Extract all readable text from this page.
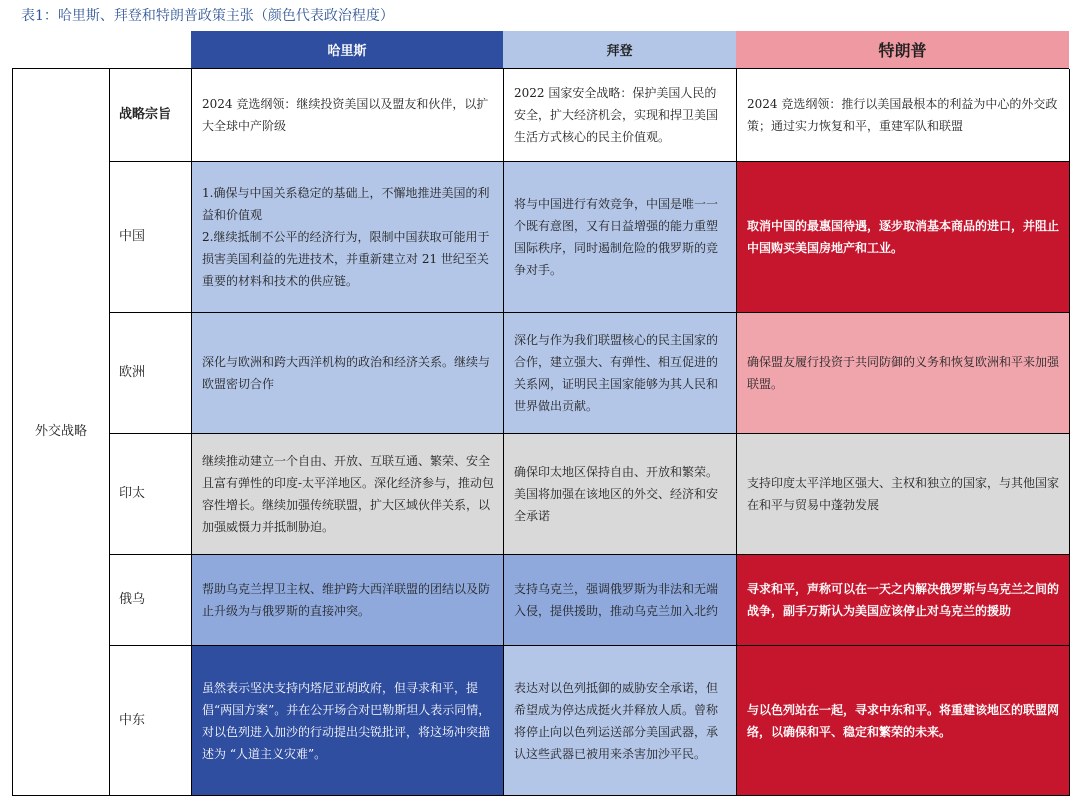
表1：哈里斯、拜登和特朗普政策主张（颜色代表政治程度）
哈里斯	拜登	特朗普
外交战略
战略宗旨
2024 竞选纲领：继续投资美国以及盟友和伙伴，以扩大全球中产阶级
2022 国家安全战略：保护美国人民的安全，扩大经济机会，实现和捍卫美国生活方式核心的民主价值观。
2024 竞选纲领：推行以美国最根本的利益为中心的外交政策；通过实力恢复和平，重建军队和联盟
中国
1.确保与中国关系稳定的基础上，不懈地推进美国的利益和价值观
2.继续抵制不公平的经济行为，限制中国获取可能用于损害美国利益的先进技术，并重新建立对 21 世纪至关重要的材料和技术的供应链。
将与中国进行有效竞争，中国是唯一一个既有意图，又有日益增强的能力重塑国际秩序，同时遏制危险的俄罗斯的竞争对手。
取消中国的最惠国待遇，逐步取消基本商品的进口，并阻止中国购买美国房地产和工业。
欧洲
深化与欧洲和跨大西洋机构的政治和经济关系。继续与欧盟密切合作
深化与作为我们联盟核心的民主国家的合作，建立强大、有弹性、相互促进的关系网，证明民主国家能够为其人民和世界做出贡献。
确保盟友履行投资于共同防御的义务和恢复欧洲和平来加强联盟。
印太
继续推动建立一个自由、开放、互联互通、繁荣、安全且富有弹性的印度-太平洋地区。深化经济参与，推动包容性增长。继续加强传统联盟，扩大区域伙伴关系，以加强威慑力并抵制胁迫。
确保印太地区保持自由、开放和繁荣。美国将加强在该地区的外交、经济和安全承诺
支持印度太平洋地区强大、主权和独立的国家，与其他国家在和平与贸易中蓬勃发展
俄乌
帮助乌克兰捍卫主权、维护跨大西洋联盟的团结以及防止升级为与俄罗斯的直接冲突。
支持乌克兰，强调俄罗斯为非法和无端入侵，提供援助，推动乌克兰加入北约
寻求和平，声称可以在一天之内解决俄罗斯与乌克兰之间的战争，副手万斯认为美国应该停止对乌克兰的援助
中东
虽然表示坚决支持内塔尼亚胡政府，但寻求和平，提倡“两国方案”。并在公开场合对巴勒斯坦人表示同情，对以色列进入加沙的行动提出尖锐批评，将这场冲突描述为 “人道主义灾难”。
表达对以色列抵御的威胁安全承诺，但希望成为停达成挺火并释放人质。曾称将停止向以色列运送部分美国武器，承认这些武器已被用来杀害加沙平民。
与以色列站在一起，寻求中东和平。将重建该地区的联盟网络，以确保和平、稳定和繁荣的未来。
